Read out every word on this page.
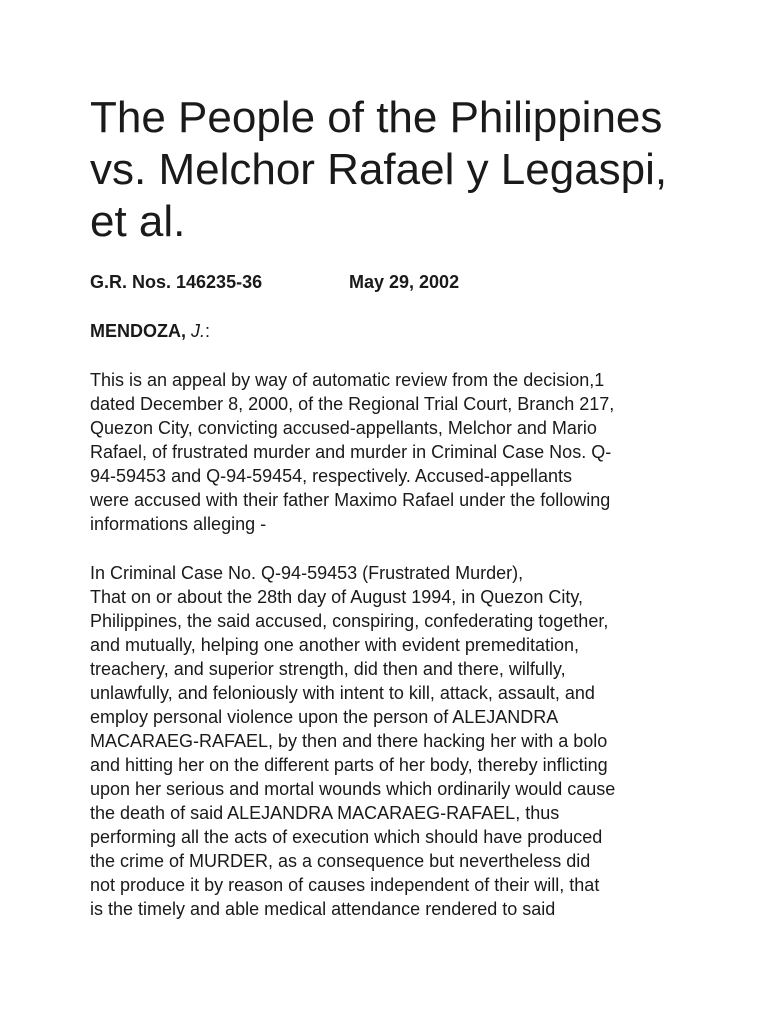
The People of the Philippines
vs. Melchor Rafael y Legaspi,
et al.
G.R. Nos. 146235-36	May 29, 2002
MENDOZA, J.:
This is an appeal by way of automatic review from the decision,1
dated December 8, 2000, of the Regional Trial Court, Branch 217,
Quezon City, convicting accused-appellants, Melchor and Mario
Rafael, of frustrated murder and murder in Criminal Case Nos. Q-
94-59453 and Q-94-59454, respectively. Accused-appellants
were accused with their father Maximo Rafael under the following
informations alleging -
In Criminal Case No. Q-94-59453 (Frustrated Murder),
That on or about the 28th day of August 1994, in Quezon City,
Philippines, the said accused, conspiring, confederating together,
and mutually, helping one another with evident premeditation,
treachery, and superior strength, did then and there, wilfully,
unlawfully, and feloniously with intent to kill, attack, assault, and
employ personal violence upon the person of ALEJANDRA
MACARAEG-RAFAEL, by then and there hacking her with a bolo
and hitting her on the different parts of her body, thereby inflicting
upon her serious and mortal wounds which ordinarily would cause
the death of said ALEJANDRA MACARAEG-RAFAEL, thus
performing all the acts of execution which should have produced
the crime of MURDER, as a consequence but nevertheless did
not produce it by reason of causes independent of their will, that
is the timely and able medical attendance rendered to said
